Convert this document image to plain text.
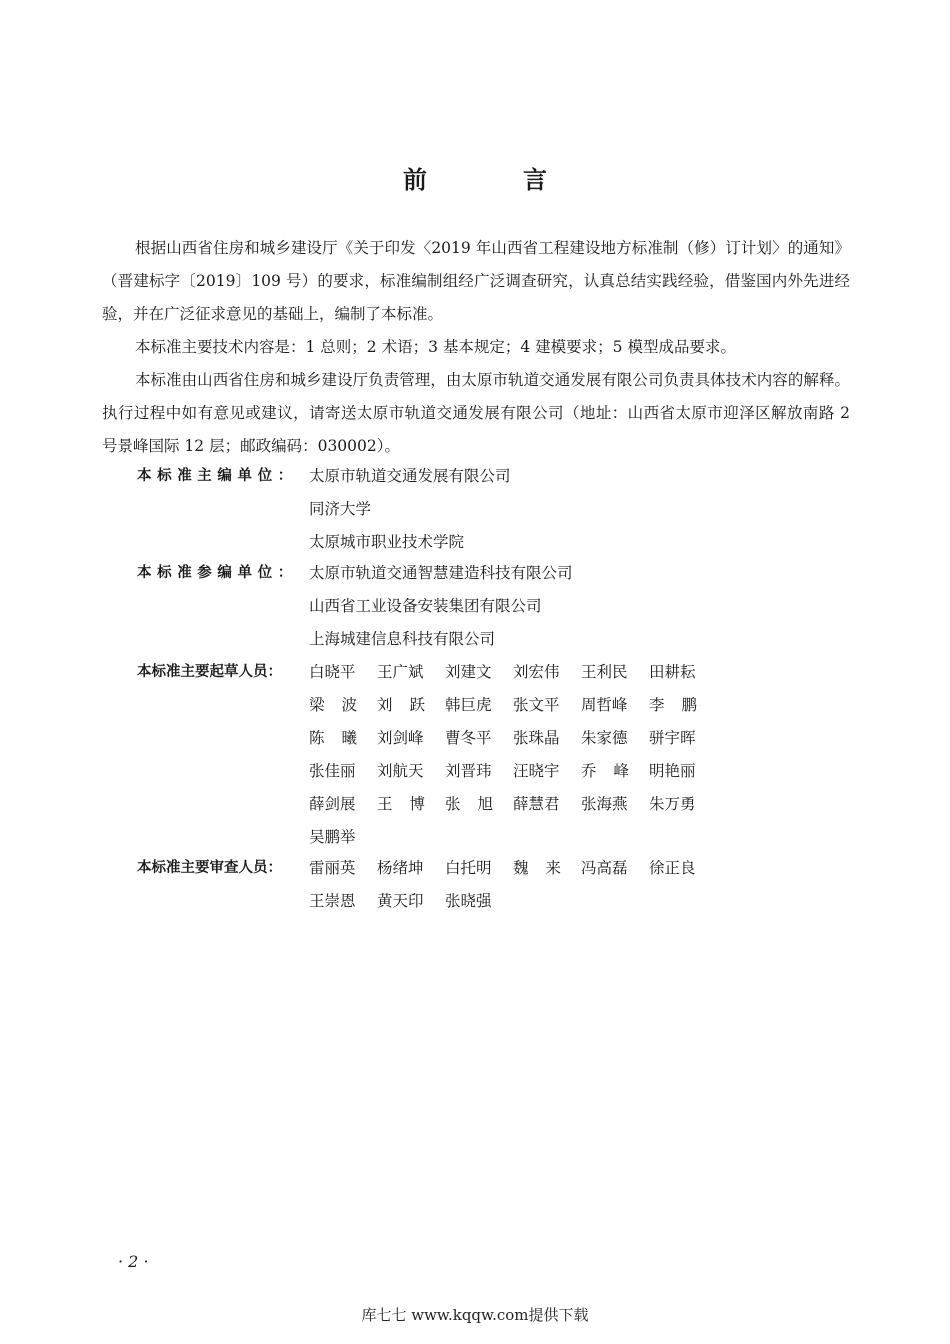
前　言

根据山西省住房和城乡建设厅《关于印发〈2019 年山西省工程建设地方标准制（修）订计划〉的通知》（晋建标字〔2019〕109 号）的要求，标准编制组经广泛调查研究，认真总结实践经验，借鉴国内外先进经验，并在广泛征求意见的基础上，编制了本标准。

本标准主要技术内容是：1 总则；2 术语；3 基本规定；4 建模要求；5 模型成品要求。

本标准由山西省住房和城乡建设厅负责管理，由太原市轨道交通发展有限公司负责具体技术内容的解释。执行过程中如有意见或建议，请寄送太原市轨道交通发展有限公司（地址：山西省太原市迎泽区解放南路 2 号景峰国际 12 层；邮政编码：030002）。

本标准主编单位： 太原市轨道交通发展有限公司
同济大学
太原城市职业技术学院
本标准参编单位： 太原市轨道交通智慧建造科技有限公司
山西省工业设备安装集团有限公司
上海城建信息科技有限公司
本标准主要起草人员：	白晓平	王广斌	刘建文	刘宏伟	王利民	田耕耘
梁波 刘跃 韩巨虎	张文平	周哲峰	李鹏
陈曦 刘剑峰	曹冬平	张珠晶	朱家德	骈宇晖
张佳丽	刘航天	刘晋玮	汪晓宇	乔峰 明艳丽
薛剑展	王博 张旭 薛慧君	张海燕	朱万勇
吴鹏举
本标准主要审查人员：	雷丽英	杨绪坤	白托明	魏来 冯高磊	徐正良
王崇恩	黄天印	张晓强
· 2 ·
库七七 www.kqqw.com提供下载
